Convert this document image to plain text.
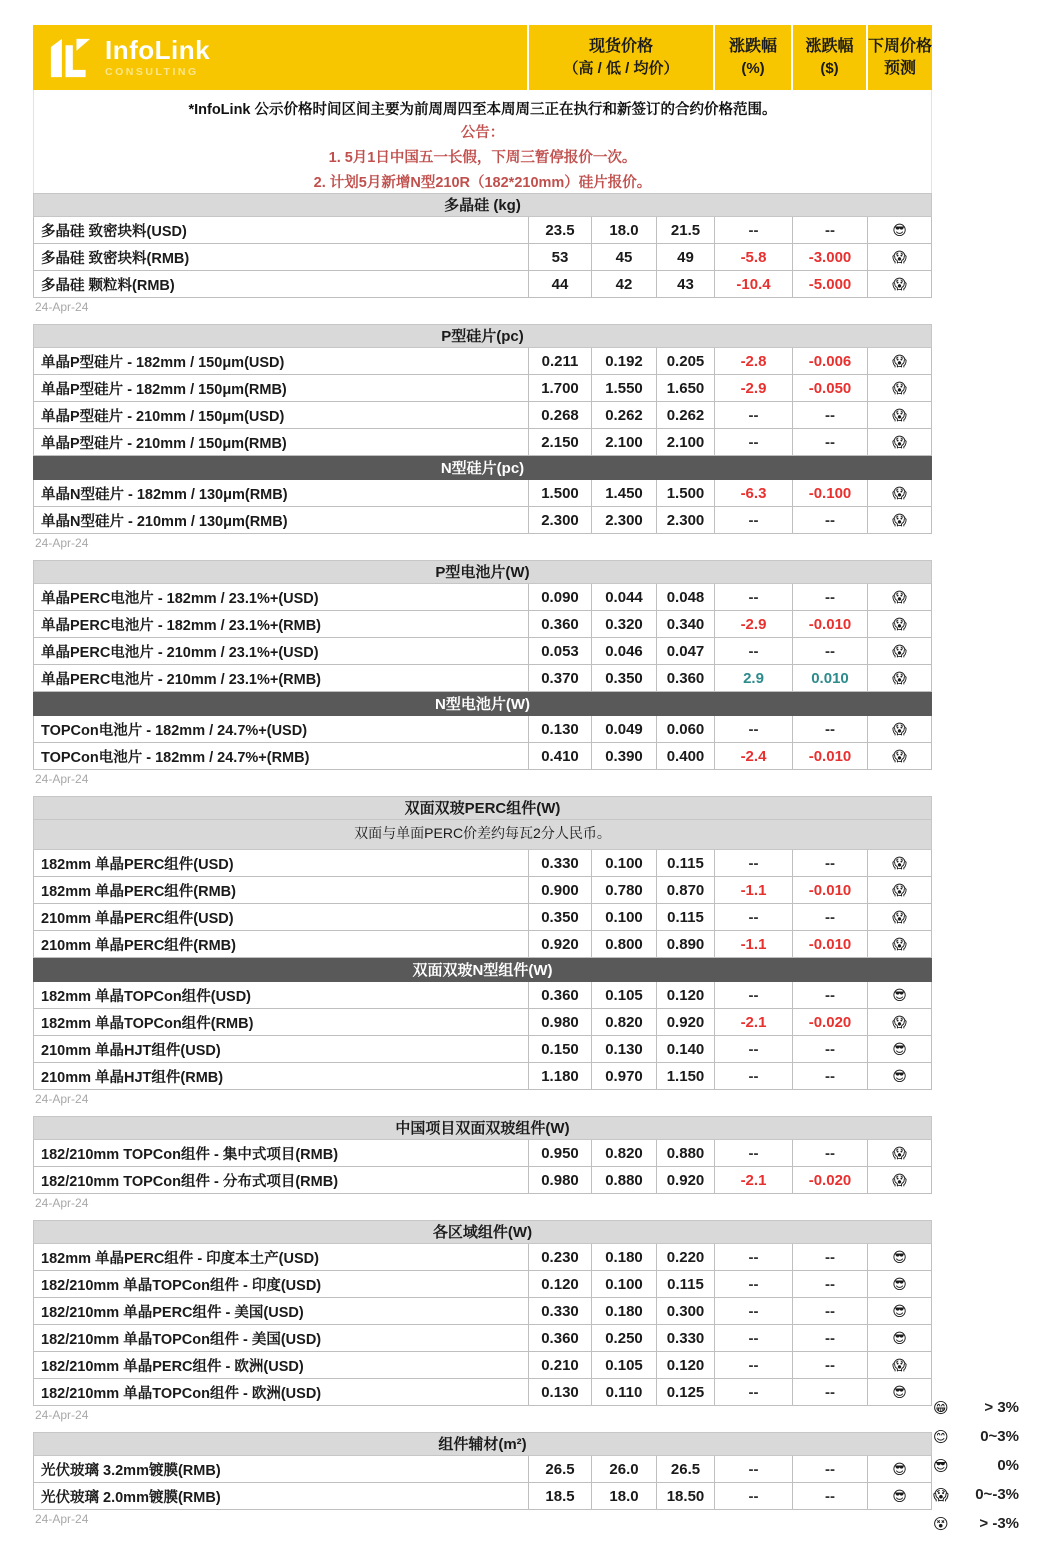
InfoLink
CONSULTING
现货价格
（高 / 低 / 均价）
涨跌幅
(%)
涨跌幅
($)
下周价格
预测
*InfoLink 公示价格时间区间主要为前周周四至本周周三正在执行和新签订的合约价格范围。
公告：
1. 5月1日中国五一长假，下周三暂停报价一次。
2. 计划5月新增N型210R（182*210mm）硅片报价。
多晶硅 (kg)
多晶硅 致密块料(USD)	23.5	18.0	21.5	--	--	😎
多晶硅 致密块料(RMB)	53	45	49	-5.8	-3.000	😱
多晶硅 颗粒料(RMB)	44	42	43	-10.4	-5.000	😱
24-Apr-24
P型硅片(pc)
单晶P型硅片 - 182mm / 150μm(USD)	0.211	0.192	0.205	-2.8	-0.006	😱
单晶P型硅片 - 182mm / 150μm(RMB)	1.700	1.550	1.650	-2.9	-0.050	😱
单晶P型硅片 - 210mm / 150μm(USD)	0.268	0.262	0.262	--	--	😱
单晶P型硅片 - 210mm / 150μm(RMB)	2.150	2.100	2.100	--	--	😱
N型硅片(pc)
单晶N型硅片 - 182mm / 130μm(RMB)	1.500	1.450	1.500	-6.3	-0.100	😱
单晶N型硅片 - 210mm / 130μm(RMB)	2.300	2.300	2.300	--	--	😱
24-Apr-24
P型电池片(W)
单晶PERC电池片 - 182mm / 23.1%+(USD)	0.090	0.044	0.048	--	--	😱
单晶PERC电池片 - 182mm / 23.1%+(RMB)	0.360	0.320	0.340	-2.9	-0.010	😱
单晶PERC电池片 - 210mm / 23.1%+(USD)	0.053	0.046	0.047	--	--	😱
单晶PERC电池片 - 210mm / 23.1%+(RMB)	0.370	0.350	0.360	2.9	0.010	😱
N型电池片(W)
TOPCon电池片 - 182mm / 24.7%+(USD)	0.130	0.049	0.060	--	--	😱
TOPCon电池片 - 182mm / 24.7%+(RMB)	0.410	0.390	0.400	-2.4	-0.010	😱
24-Apr-24
双面双玻PERC组件(W)
双面与单面PERC价差约每瓦2分人民币。
182mm 单晶PERC组件(USD)	0.330	0.100	0.115	--	--	😱
182mm 单晶PERC组件(RMB)	0.900	0.780	0.870	-1.1	-0.010	😱
210mm 单晶PERC组件(USD)	0.350	0.100	0.115	--	--	😱
210mm 单晶PERC组件(RMB)	0.920	0.800	0.890	-1.1	-0.010	😱
双面双玻N型组件(W)
182mm 单晶TOPCon组件(USD)	0.360	0.105	0.120	--	--	😎
182mm 单晶TOPCon组件(RMB)	0.980	0.820	0.920	-2.1	-0.020	😱
210mm 单晶HJT组件(USD)	0.150	0.130	0.140	--	--	😎
210mm 单晶HJT组件(RMB)	1.180	0.970	1.150	--	--	😎
24-Apr-24
中国项目双面双玻组件(W)
182/210mm TOPCon组件 - 集中式项目(RMB)	0.950	0.820	0.880	--	--	😱
182/210mm TOPCon组件 - 分布式项目(RMB)	0.980	0.880	0.920	-2.1	-0.020	😱
24-Apr-24
各区域组件(W)
182mm 单晶PERC组件 - 印度本土产(USD)	0.230	0.180	0.220	--	--	😎
182/210mm 单晶TOPCon组件 - 印度(USD)	0.120	0.100	0.115	--	--	😎
182/210mm 单晶PERC组件 - 美国(USD)	0.330	0.180	0.300	--	--	😎
182/210mm 单晶TOPCon组件 - 美国(USD)	0.360	0.250	0.330	--	--	😎
182/210mm 单晶PERC组件 - 欧洲(USD)	0.210	0.105	0.120	--	--	😱
182/210mm 单晶TOPCon组件 - 欧洲(USD)	0.130	0.110	0.125	--	--	😎
24-Apr-24
组件辅材(m²)
光伏玻璃 3.2mm镀膜(RMB)	26.5	26.0	26.5	--	--	😎
光伏玻璃 2.0mm镀膜(RMB)	18.5	18.0	18.50	--	--	😎
24-Apr-24
😁 > 3%
😊 0~3%
😎	0%
😱 0~-3%
😵 > -3%
